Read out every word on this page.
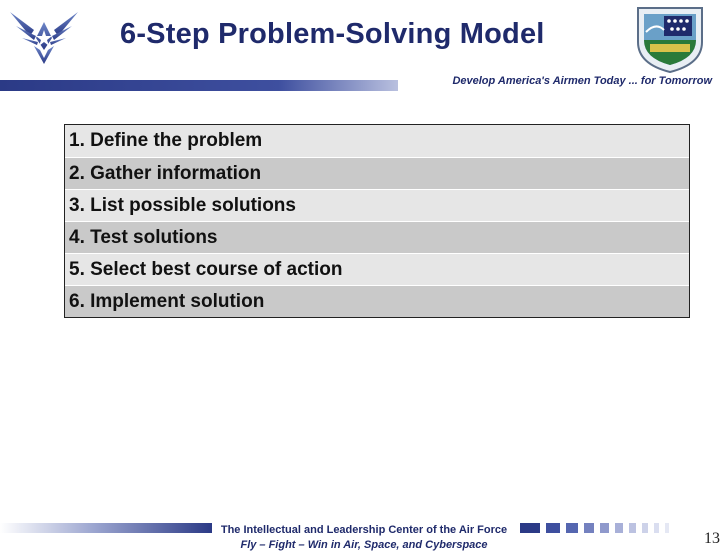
6-Step Problem-Solving Model
Develop America's Airmen Today ... for Tomorrow
1. Define the problem
2. Gather information
3. List possible solutions
4. Test solutions
5. Select best course of action
6. Implement solution
The Intellectual and Leadership Center of the Air Force
Fly – Fight – Win in Air, Space, and Cyberspace	13
